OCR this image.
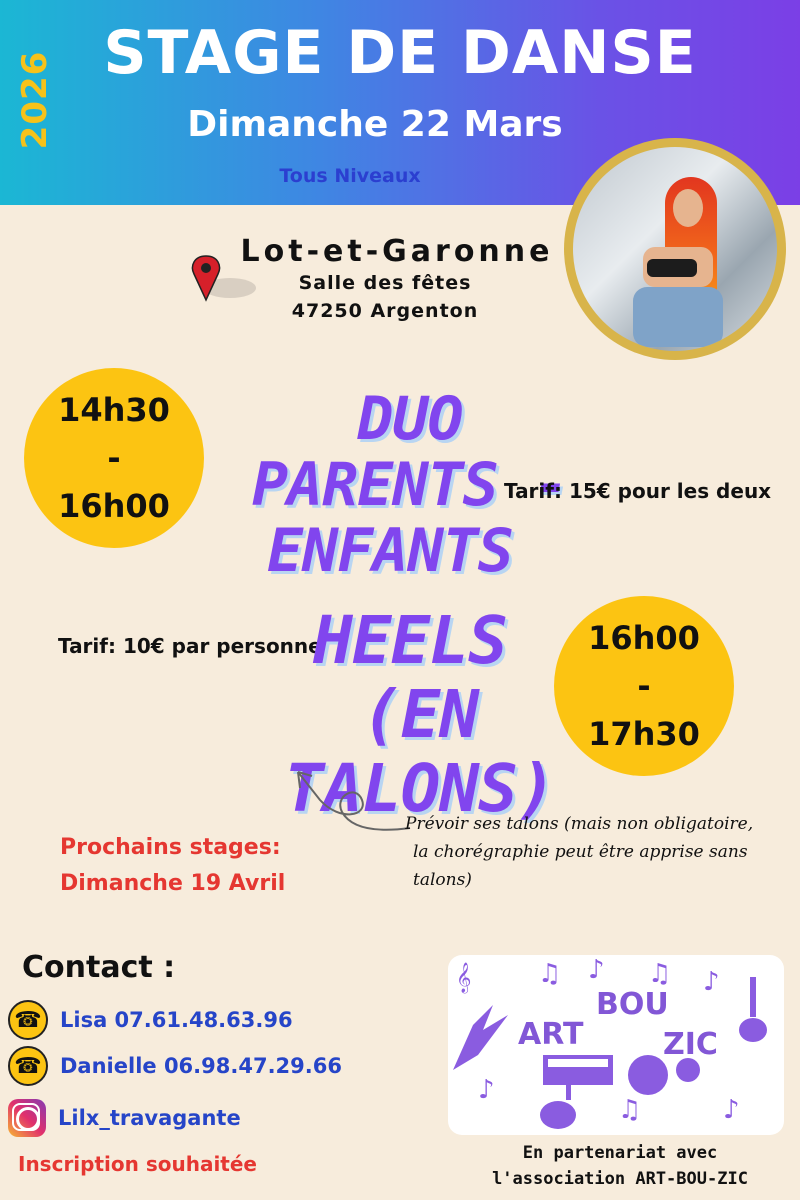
2026 STAGE DE DANSE
Dimanche 22 Mars
Tous Niveaux
Lot-et-Garonne
Salle des fêtes
47250 Argenton
14h30
-
16h00
DUO PARENTS -
ENFANTS
Tarif: 15€ pour les deux
Tarif: 10€ par personne
HEELS
(EN TALONS)
16h00
-
17h30
Prévoir ses talons (mais non obligatoire,
la chorégraphie peut être apprise sans talons)
Prochains stages:
Dimanche 19 Avril
Contact :
☎ Lisa 07.61.48.63.96
☎ Danielle 06.98.47.29.66
Lilx_travagante
Inscription souhaitée
𝄞	♫ ♪ ♫ ♪
♪
♫	♪
BOU
ART	ZIC
En partenariat avec
l'association ART-BOU-ZIC
